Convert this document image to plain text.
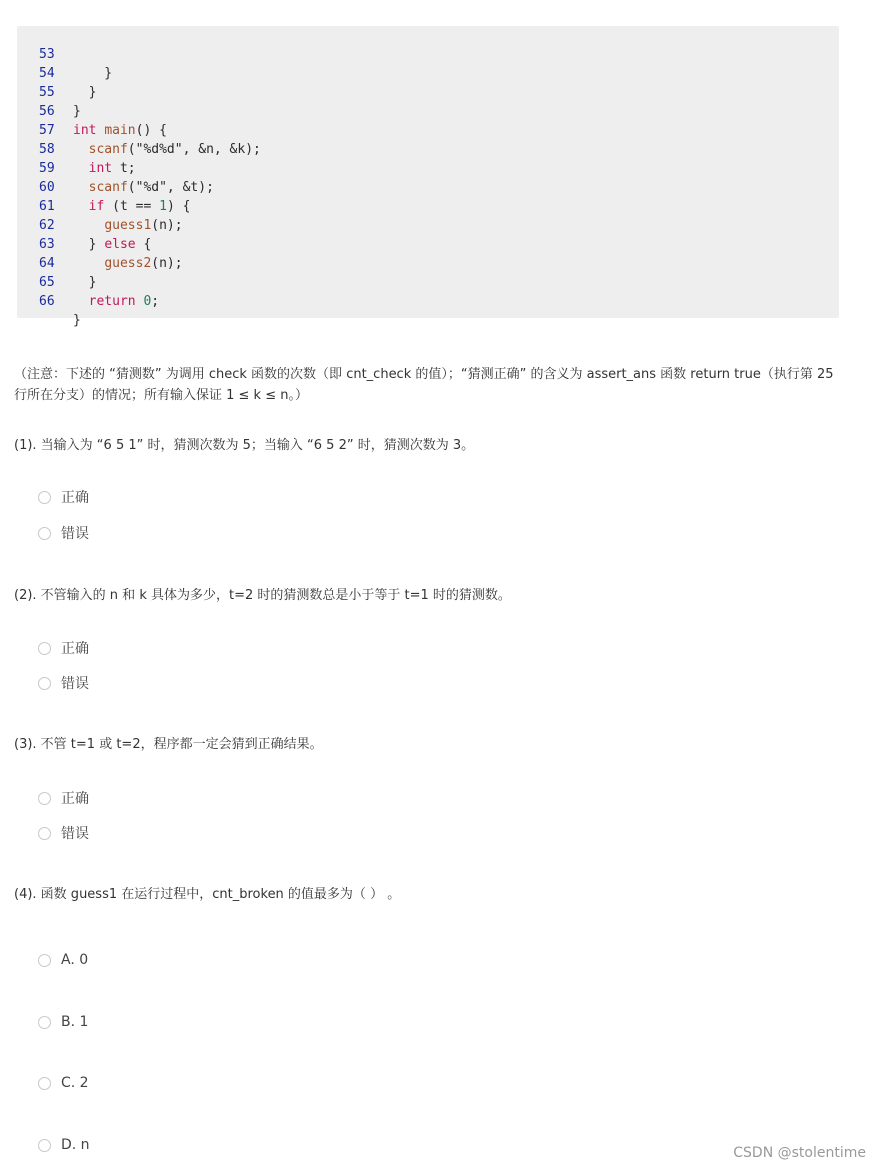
53

}

54

}

55

}

56

int main() {

57

scanf("%d%d", &n, &k);

58

int t;

59

scanf("%d", &t);

60

if (t == 1) {

61

guess1(n);

62

} else {

63

guess2(n);

64

}

65

return 0;

66

}

（注意：下述的 “猜测数” 为调用 check 函数的次数（即 cnt_check 的值）；“猜测正确” 的含义为 assert_ans 函数 return true（执行第 25 行所在分支）的情况；所有输入保证 1 ≤ k ≤ n。）
(1). 当输入为 “6 5 1” 时，猜测次数为 5；当输入 “6 5 2” 时，猜测次数为 3。
正确
错误
(2). 不管输入的 n 和 k 具体为多少，t=2 时的猜测数总是小于等于 t=1 时的猜测数。
正确
错误
(3). 不管 t=1 或 t=2，程序都一定会猜到正确结果。
正确
错误
(4). 函数 guess1 在运行过程中，cnt_broken 的值最多为（ ） 。
A. 0
B. 1
C. 2
D. n	CSDN @stolentime
